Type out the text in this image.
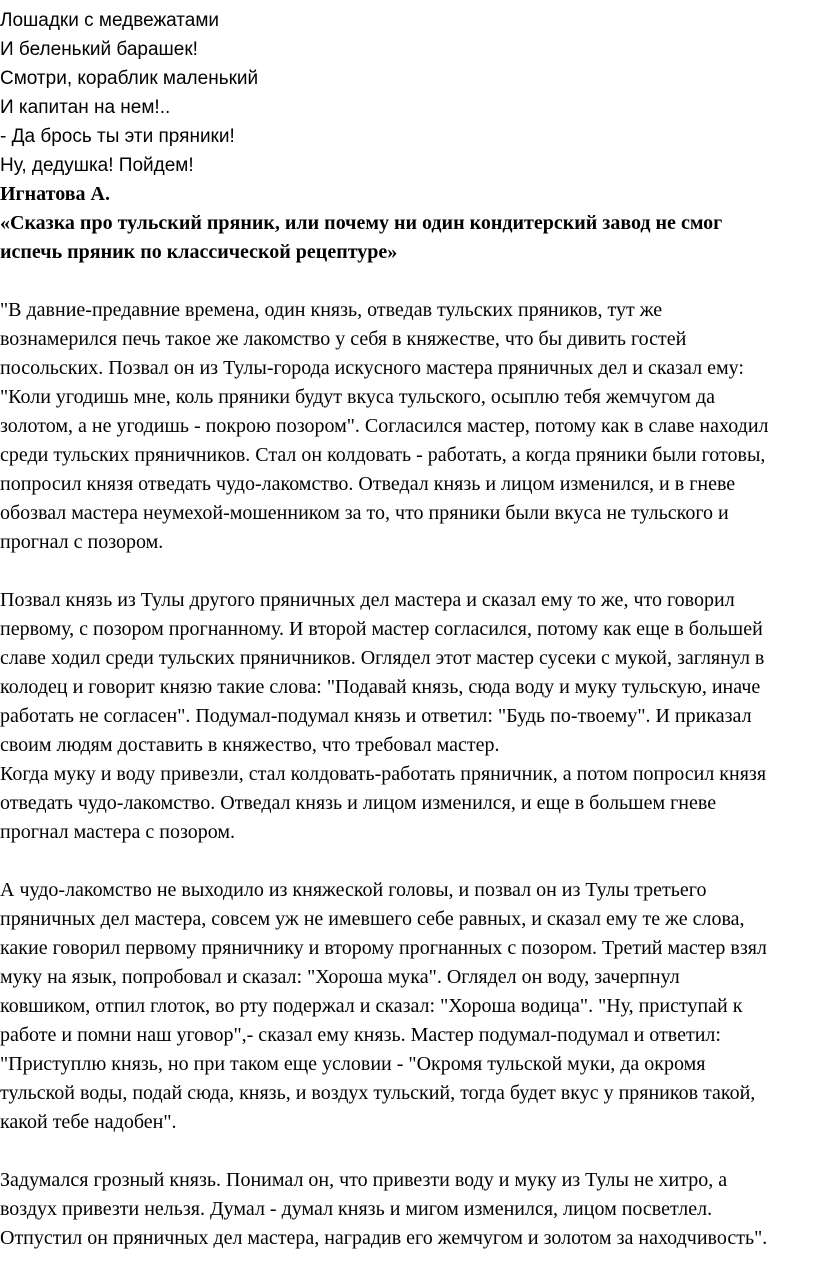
Лошадки с медвежатами

И беленький барашек!

Смотри, кораблик маленький

И капитан на нем!..

- Да брось ты эти пряники!

Ну, дедушка! Пойдем!

Игнатова А.

«Сказка про тульский пряник, или почему ни один кондитерский завод не смог
испечь пряник по классической рецептуре»

"В давние-предавние времена, один князь, отведав тульских пряников, тут же
вознамерился печь такое же лакомство у себя в княжестве, что бы дивить гостей
посольских. Позвал он из Тулы-города искусного мастера пряничных дел и сказал ему:
"Коли угодишь мне, коль пряники будут вкуса тульского, осыплю тебя жемчугом да
золотом, а не угодишь - покрою позором". Согласился мастер, потому как в славе находил
среди тульских пряничников. Стал он колдовать - работать, а когда пряники были готовы,
попросил князя отведать чудо-лакомство. Отведал князь и лицом изменился, и в гневе
обозвал мастера неумехой-мошенником за то, что пряники были вкуса не тульского и
прогнал с позором.

Позвал князь из Тулы другого пряничных дел мастера и сказал ему то же, что говорил
первому, с позором прогнанному. И второй мастер согласился, потому как еще в большей
славе ходил среди тульских пряничников. Оглядел этот мастер сусеки с мукой, заглянул в
колодец и говорит князю такие слова: "Подавай князь, сюда воду и муку тульскую, иначе
работать не согласен". Подумал-подумал князь и ответил: "Будь по-твоему". И приказал
своим людям доставить в княжество, что требовал мастер.
Когда муку и воду привезли, стал колдовать-работать пряничник, а потом попросил князя
отведать чудо-лакомство. Отведал князь и лицом изменился, и еще в большем гневе
прогнал мастера с позором.

А чудо-лакомство не выходило из княжеской головы, и позвал он из Тулы третьего
пряничных дел мастера, совсем уж не имевшего себе равных, и сказал ему те же слова,
какие говорил первому пряничнику и второму прогнанных с позором. Третий мастер взял
муку на язык, попробовал и сказал: "Хороша мука". Оглядел он воду, зачерпнул
ковшиком, отпил глоток, во рту подержал и сказал: "Хороша водица". "Ну, приступай к
работе и помни наш уговор",- сказал ему князь. Мастер подумал-подумал и ответил:
"Приступлю князь, но при таком еще условии - "Окромя тульской муки, да окромя
тульской воды, подай сюда, князь, и воздух тульский, тогда будет вкус у пряников такой,
какой тебе надобен".

Задумался грозный князь. Понимал он, что привезти воду и муку из Тулы не хитро, а
воздух привезти нельзя. Думал - думал князь и мигом изменился, лицом посветлел.
Отпустил он пряничных дел мастера, наградив его жемчугом и золотом за находчивость".
